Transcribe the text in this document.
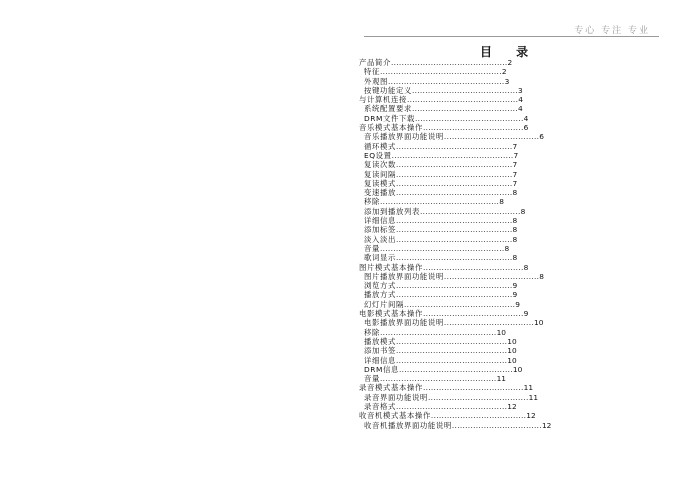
专心 专注 专业
目 录
产品简介............................................2
特征..............................................2
外观图............................................3
按键功能定义........................................3
与计算机连接..........................................4
系统配置要求........................................4
DRM文件下载.........................................4
音乐模式基本操作......................................6
音乐播放界面功能说明....................................6
循环模式............................................7
EQ设置..............................................7
复读次数............................................7
复读间隔............................................7
复读模式............................................7
变速播放............................................8
移除.............................................8
添加到播放列表......................................8
详细信息............................................8
添加标签............................................8
淡入淡出............................................8
音量...............................................8
歌词显示............................................8
图片模式基本操作......................................8
图片播放界面功能说明....................................8
浏览方式............................................9
播放方式............................................9
幻灯片间隔..........................................9
电影模式基本操作......................................9
电影播放界面功能说明..................................10
移除............................................10
播放模式..........................................10
添加书签..........................................10
详细信息..........................................10
DRM信息...........................................10
音量............................................11
录音模式基本操作......................................11
录音界面功能说明......................................11
录音格式..........................................12
收音机模式基本操作....................................12
收音机播放界面功能说明..................................12
